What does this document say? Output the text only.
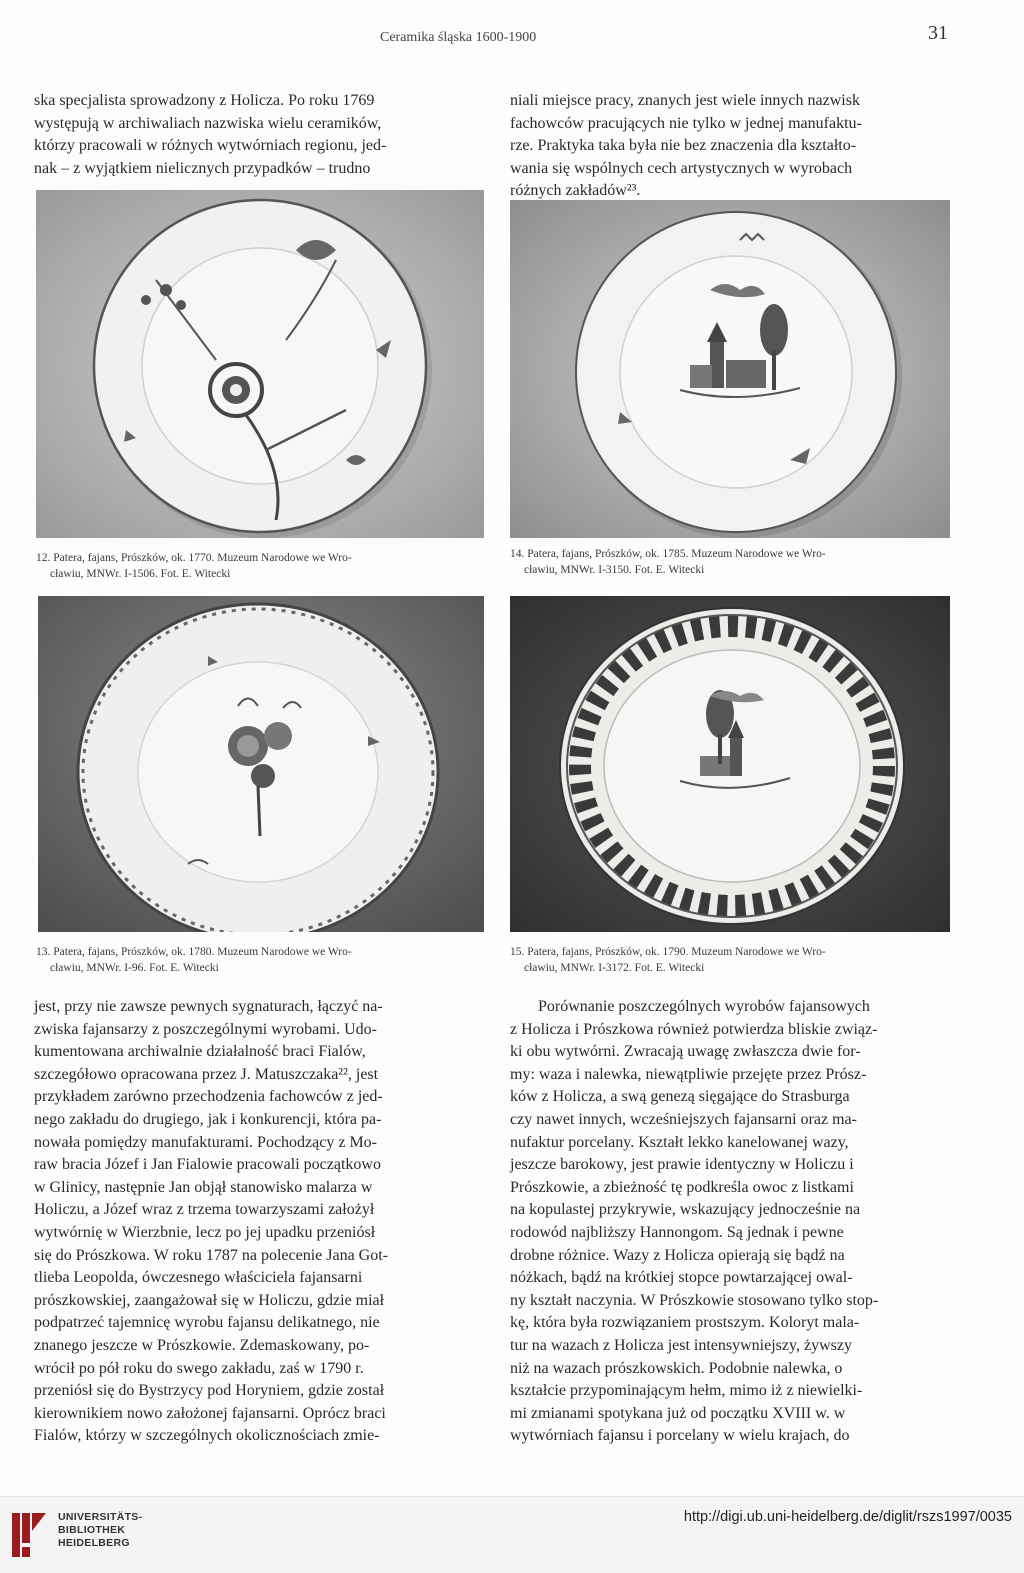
Ceramika śląska 1600-1900	31
ska specjalista sprowadzony z Holicza. Po roku 1769
występują w archiwaliach nazwiska wielu ceramików,
którzy pracowali w różnych wytwórniach regionu, jed-
nak – z wyjątkiem nielicznych przypadków – trudno
niali miejsce pracy, znanych jest wiele innych nazwisk
fachowców pracujących nie tylko w jednej manufaktu-
rze. Praktyka taka była nie bez znaczenia dla kształto-
wania się wspólnych cech artystycznych w wyrobach
różnych zakładów²³.
12. Patera, fajans, Prószków, ok. 1770. Muzeum Narodowe we Wro-
cławiu, MNWr. I-1506. Fot. E. Witecki
14. Patera, fajans, Prószków, ok. 1785. Muzeum Narodowe we Wro-
cławiu, MNWr. I-3150. Fot. E. Witecki
13. Patera, fajans, Prószków, ok. 1780. Muzeum Narodowe we Wro-
cławiu, MNWr. I-96. Fot. E. Witecki
15. Patera, fajans, Prószków, ok. 1790. Muzeum Narodowe we Wro-
cławiu, MNWr. I-3172. Fot. E. Witecki
jest, przy nie zawsze pewnych sygnaturach, łączyć na-
zwiska fajansarzy z poszczególnymi wyrobami. Udo-
kumentowana archiwalnie działalność braci Fialów,
szczegółowo opracowana przez J. Matuszczaka²², jest
przykładem zarówno przechodzenia fachowców z jed-
nego zakładu do drugiego, jak i konkurencji, która pa-
nowała pomiędzy manufakturami. Pochodzący z Mo-
raw bracia Józef i Jan Fialowie pracowali początkowo
w Glinicy, następnie Jan objął stanowisko malarza w
Holiczu, a Józef wraz z trzema towarzyszami założył
wytwórnię w Wierzbnie, lecz po jej upadku przeniósł
się do Prószkowa. W roku 1787 na polecenie Jana Got-
tlieba Leopolda, ówczesnego właściciela fajansarni
prószkowskiej, zaangażował się w Holiczu, gdzie miał
podpatrzeć tajemnicę wyrobu fajansu delikatnego, nie
znanego jeszcze w Prószkowie. Zdemaskowany, po-
wrócił po pół roku do swego zakładu, zaś w 1790 r.
przeniósł się do Bystrzycy pod Horyniem, gdzie został
kierownikiem nowo założonej fajansarni. Oprócz braci
Fialów, którzy w szczególnych okolicznościach zmie-
Porównanie poszczególnych wyrobów fajansowych
z Holicza i Prószkowa również potwierdza bliskie związ-
ki obu wytwórni. Zwracają uwagę zwłaszcza dwie for-
my: waza i nalewka, niewątpliwie przejęte przez Prósz-
ków z Holicza, a swą genezą sięgające do Strasburga
czy nawet innych, wcześniejszych fajansarni oraz ma-
nufaktur porcelany. Kształt lekko kanelowanej wazy,
jeszcze barokowy, jest prawie identyczny w Holiczu i
Prószkowie, a zbieżność tę podkreśla owoc z listkami
na kopulastej przykrywie, wskazujący jednocześnie na
rodowód najbliższy Hannongom. Są jednak i pewne
drobne różnice. Wazy z Holicza opierają się bądź na
nóżkach, bądź na krótkiej stopce powtarzającej owal-
ny kształt naczynia. W Prószkowie stosowano tylko stop-
kę, która była rozwiązaniem prostszym. Koloryt mala-
tur na wazach z Holicza jest intensywniejszy, żywszy
niż na wazach prószkowskich. Podobnie nalewka, o
kształcie przypominającym hełm, mimo iż z niewielki-
mi zmianami spotykana już od początku XVIII w. w
wytwórniach fajansu i porcelany w wielu krajach, do
UNIVERSITÄTS-
BIBLIOTHEK
HEIDELBERG
http://digi.ub.uni-heidelberg.de/diglit/rszs1997/0035
